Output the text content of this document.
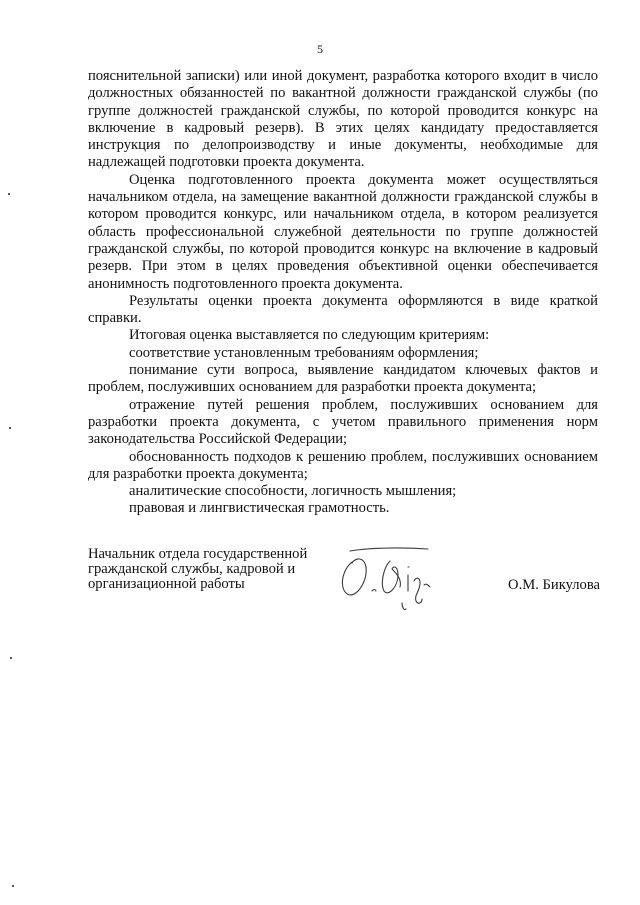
5

пояснительной записки) или иной документ, разработка которого входит в число должностных обязанностей по вакантной должности гражданской службы (по группе должностей гражданской службы, по которой проводится конкурс на включение в кадровый резерв). В этих целях кандидату предоставляется инструкция по делопроизводству и иные документы, необходимые для надлежащей подготовки проекта документа.

Оценка подготовленного проекта документа может осуществляться начальником отдела, на замещение вакантной должности гражданской службы в котором проводится конкурс, или начальником отдела, в котором реализуется область профессиональной служебной деятельности по группе должностей гражданской службы, по которой проводится конкурс на включение в кадровый резерв. При этом в целях проведения объективной оценки обеспечивается анонимность подготовленного проекта документа.

Результаты оценки проекта документа оформляются в виде краткой справки.

Итоговая оценка выставляется по следующим критериям:

соответствие установленным требованиям оформления;

понимание сути вопроса, выявление кандидатом ключевых фактов и проблем, послуживших основанием для разработки проекта документа;

отражение путей решения проблем, послуживших основанием для разработки проекта документа, с учетом правильного применения норм законодательства Российской Федерации;

обоснованность подходов к решению проблем, послуживших основанием для разработки проекта документа;

аналитические способности, логичность мышления;

правовая и лингвистическая грамотность.

Начальник отдела государственной
гражданской службы, кадровой и
организационной работы	О.М. Бикулова
